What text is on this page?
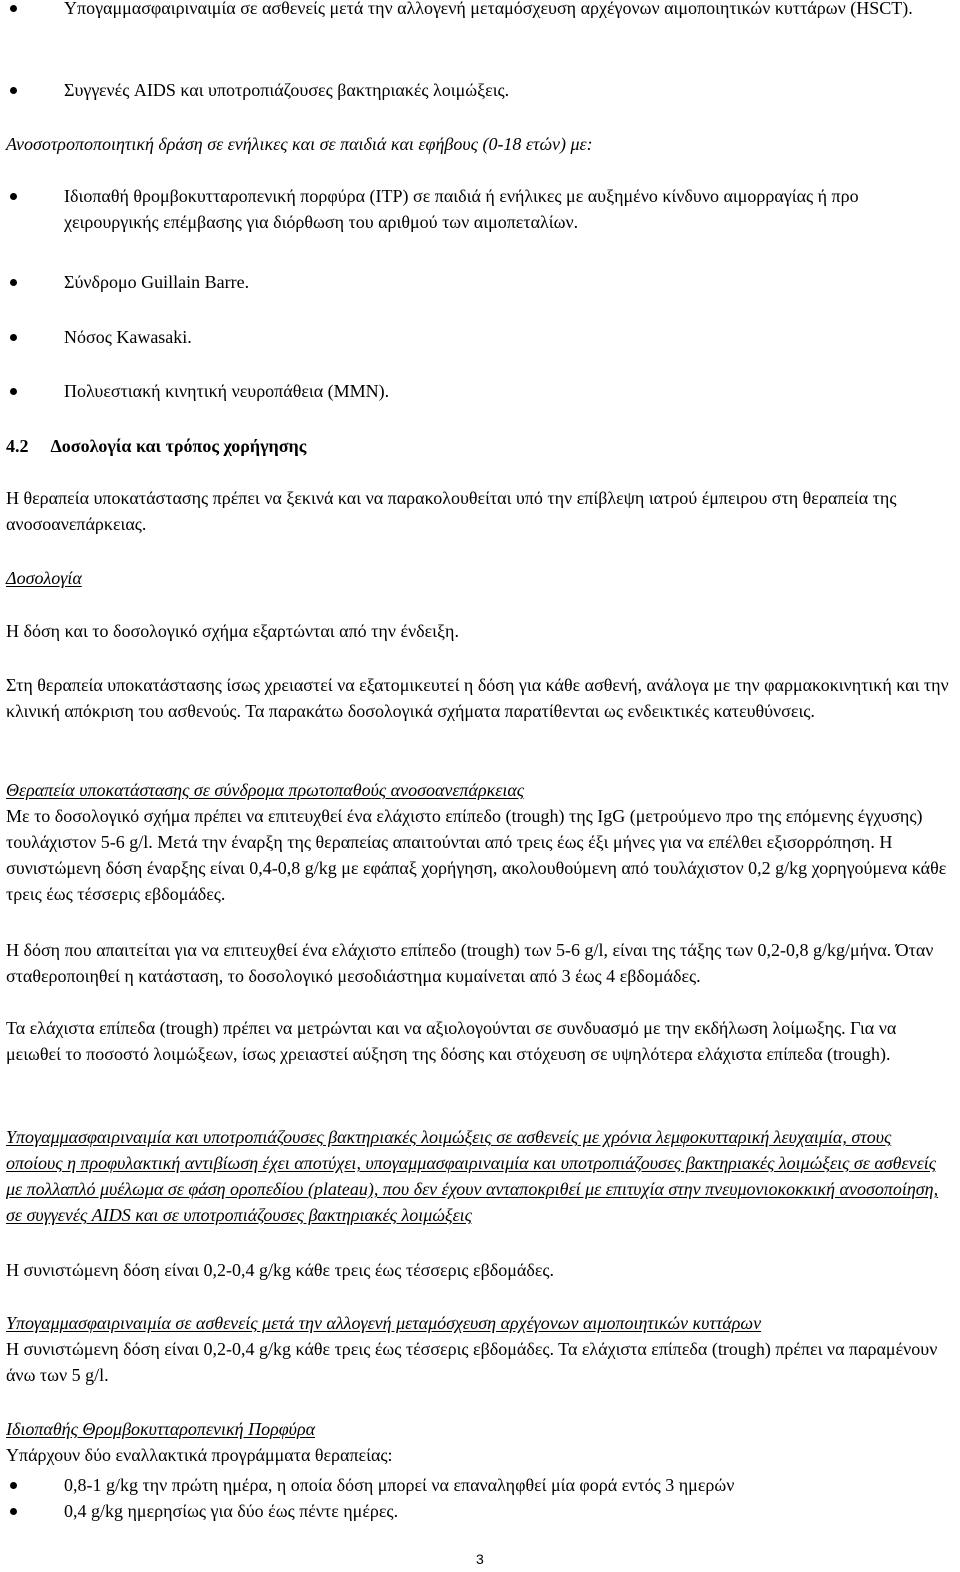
Υπογαμμασφαιριναιμία σε ασθενείς μετά την αλλογενή μεταμόσχευση αρχέγονων αιμοποιητικών κυττάρων (HSCT).

Συγγενές AIDS και υποτροπιάζουσες βακτηριακές λοιμώξεις.

Ανοσοτροποποιητική δράση σε ενήλικες και σε παιδιά και εφήβους (0-18 ετών) με:

Ιδιοπαθή θρομβοκυτταροπενική πορφύρα (ITP) σε παιδιά ή ενήλικες με αυξημένο κίνδυνο αιμορραγίας ή προ χειρουργικής επέμβασης για διόρθωση του αριθμού των αιμοπεταλίων.

Σύνδρομο Guillain Barre.

Νόσος Kawasaki.

Πολυεστιακή κινητική νευροπάθεια (MMN).

4.2 Δοσολογία και τρόπος χορήγησης

Η θεραπεία υποκατάστασης πρέπει να ξεκινά και να παρακολουθείται υπό την επίβλεψη ιατρού έμπειρου στη θεραπεία της ανοσοανεπάρκειας.

Δοσολογία

Η δόση και το δοσολογικό σχήμα εξαρτώνται από την ένδειξη.

Στη θεραπεία υποκατάστασης ίσως χρειαστεί να εξατομικευτεί η δόση για κάθε ασθενή, ανάλογα με την φαρμακοκινητική και την κλινική απόκριση του ασθενούς. Τα παρακάτω δοσολογικά σχήματα παρατίθενται ως ενδεικτικές κατευθύνσεις.

Θεραπεία υποκατάστασης σε σύνδρομα πρωτοπαθούς ανοσοανεπάρκειας

Με το δοσολογικό σχήμα πρέπει να επιτευχθεί ένα ελάχιστο επίπεδο (trough) της IgG (μετρούμενο προ της επόμενης έγχυσης) τουλάχιστον 5-6 g/l. Μετά την έναρξη της θεραπείας απαιτούνται από τρεις έως έξι μήνες για να επέλθει εξισορρόπηση. Η συνιστώμενη δόση έναρξης είναι 0,4-0,8 g/kg με εφάπαξ χορήγηση, ακολουθούμενη από τουλάχιστον 0,2 g/kg χορηγούμενα κάθε τρεις έως τέσσερις εβδομάδες.

Η δόση που απαιτείται για να επιτευχθεί ένα ελάχιστο επίπεδο (trough) των 5-6 g/l, είναι της τάξης των 0,2-0,8 g/kg/μήνα. Όταν σταθεροποιηθεί η κατάσταση, το δοσολογικό μεσοδιάστημα κυμαίνεται από 3 έως 4 εβδομάδες.

Τα ελάχιστα επίπεδα (trough) πρέπει να μετρώνται και να αξιολογούνται σε συνδυασμό με την εκδήλωση λοίμωξης. Για να μειωθεί το ποσοστό λοιμώξεων, ίσως χρειαστεί αύξηση της δόσης και στόχευση σε υψηλότερα ελάχιστα επίπεδα (trough).

Υπογαμμασφαιριναιμία και υποτροπιάζουσες βακτηριακές λοιμώξεις σε ασθενείς με χρόνια λεμφοκυτταρική λευχαιμία, στους οποίους η προφυλακτική αντιβίωση έχει αποτύχει, υπογαμμασφαιριναιμία και υποτροπιάζουσες βακτηριακές λοιμώξεις σε ασθενείς με πολλαπλό μυέλωμα σε φάση οροπεδίου (plateau), που δεν έχουν ανταποκριθεί με επιτυχία στην πνευμονιοκοκκική ανοσοποίηση, σε συγγενές AIDS και σε υποτροπιάζουσες βακτηριακές λοιμώξεις

Η συνιστώμενη δόση είναι 0,2-0,4 g/kg κάθε τρεις έως τέσσερις εβδομάδες.

Υπογαμμασφαιριναιμία σε ασθενείς μετά την αλλογενή μεταμόσχευση αρχέγονων αιμοποιητικών κυττάρων

Η συνιστώμενη δόση είναι 0,2-0,4 g/kg κάθε τρεις έως τέσσερις εβδομάδες. Τα ελάχιστα επίπεδα (trough) πρέπει να παραμένουν άνω των 5 g/l.

Ιδιοπαθής Θρομβοκυτταροπενική Πορφύρα

Υπάρχουν δύο εναλλακτικά προγράμματα θεραπείας:

0,8-1 g/kg την πρώτη ημέρα, η οποία δόση μπορεί να επαναληφθεί μία φορά εντός 3 ημερών

0,4 g/kg ημερησίως για δύο έως πέντε ημέρες.

3
